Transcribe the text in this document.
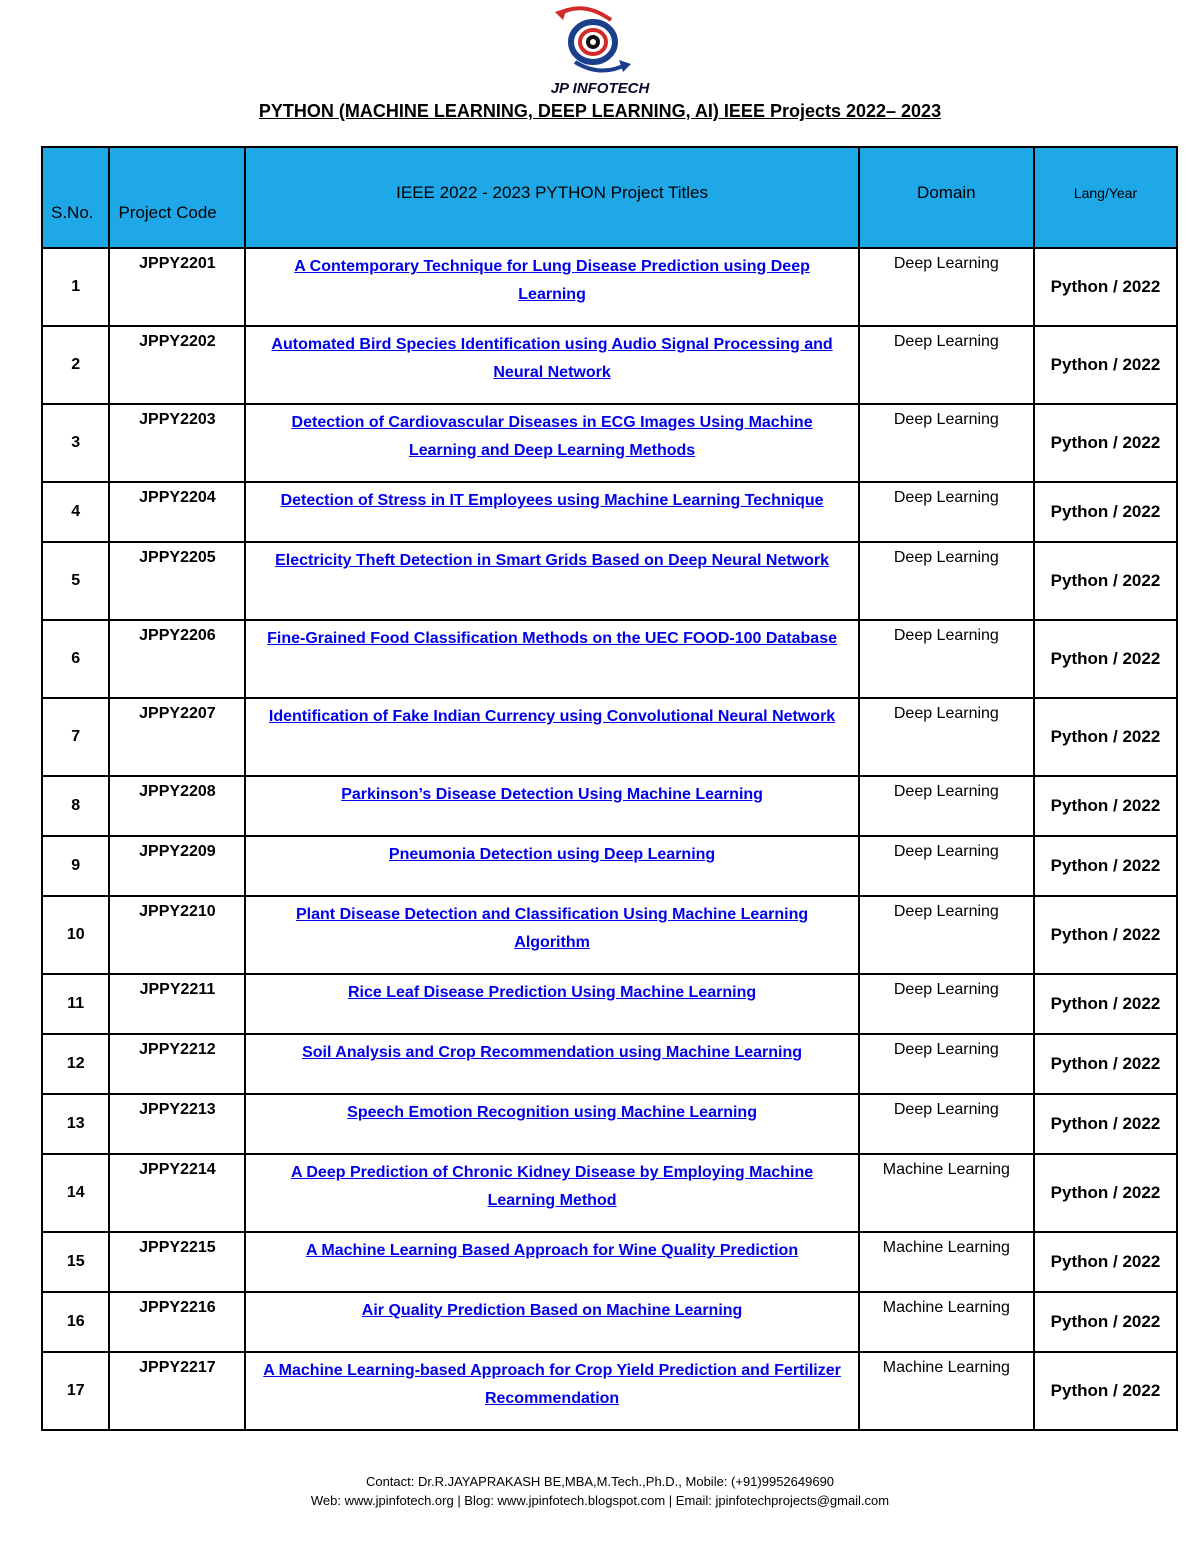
JP INFOTECH
PYTHON (MACHINE LEARNING, DEEP LEARNING, AI) IEEE Projects 2022– 2023
S.No.	Project Code	IEEE 2022 - 2023 PYTHON Project Titles	Domain	Lang/Year
1	JPPY2201	A Contemporary Technique for Lung Disease Prediction using Deep Learning	Deep Learning	Python / 2022
2	JPPY2202	Automated Bird Species Identification using Audio Signal Processing and Neural Network	Deep Learning	Python / 2022
3	JPPY2203	Detection of Cardiovascular Diseases in ECG Images Using Machine Learning and Deep Learning Methods	Deep Learning	Python / 2022
4	JPPY2204	Detection of Stress in IT Employees using Machine Learning Technique	Deep Learning	Python / 2022
5	JPPY2205	Electricity Theft Detection in Smart Grids Based on Deep Neural Network	Deep Learning	Python / 2022
6	JPPY2206	Fine-Grained Food Classification Methods on the UEC FOOD-100 Database	Deep Learning	Python / 2022
7	JPPY2207	Identification of Fake Indian Currency using Convolutional Neural Network	Deep Learning	Python / 2022
8	JPPY2208	Parkinson’s Disease Detection Using Machine Learning	Deep Learning	Python / 2022
9	JPPY2209	Pneumonia Detection using Deep Learning	Deep Learning	Python / 2022
10	JPPY2210	Plant Disease Detection and Classification Using Machine Learning Algorithm	Deep Learning	Python / 2022
11	JPPY2211	Rice Leaf Disease Prediction Using Machine Learning	Deep Learning	Python / 2022
12	JPPY2212	Soil Analysis and Crop Recommendation using Machine Learning	Deep Learning	Python / 2022
13	JPPY2213	Speech Emotion Recognition using Machine Learning	Deep Learning	Python / 2022
14	JPPY2214	A Deep Prediction of Chronic Kidney Disease by Employing Machine Learning Method	Machine Learning	Python / 2022
15	JPPY2215	A Machine Learning Based Approach for Wine Quality Prediction	Machine Learning	Python / 2022
16	JPPY2216	Air Quality Prediction Based on Machine Learning	Machine Learning	Python / 2022
17	JPPY2217	A Machine Learning-based Approach for Crop Yield Prediction and Fertilizer Recommendation	Machine Learning	Python / 2022
Contact: Dr.R.JAYAPRAKASH BE,MBA,M.Tech.,Ph.D., Mobile: (+91)9952649690
Web: www.jpinfotech.org | Blog: www.jpinfotech.blogspot.com | Email: jpinfotechprojects@gmail.com
